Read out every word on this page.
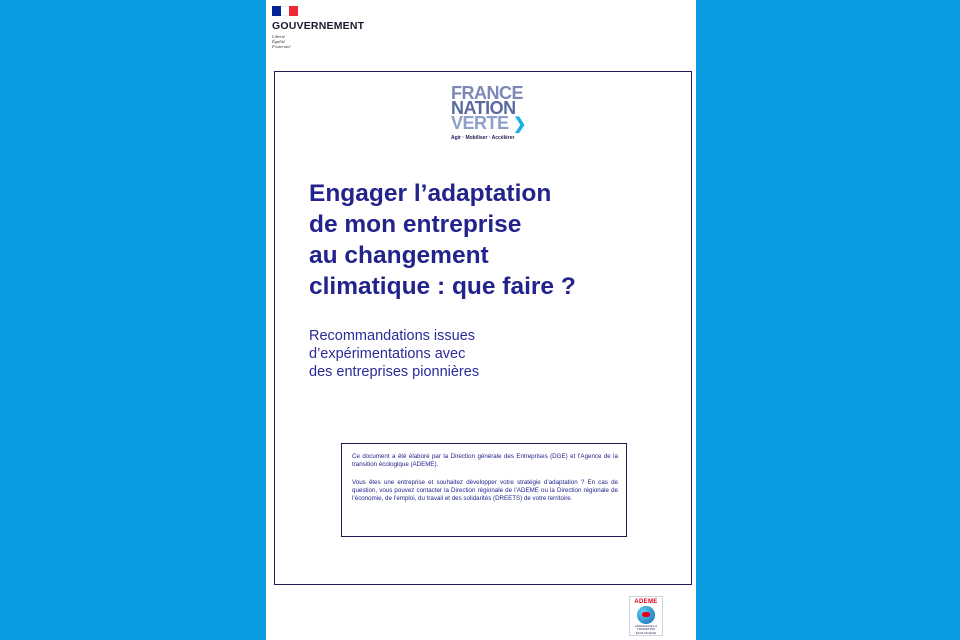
GOUVERNEMENT
Liberté
Égalité
Fraternité
FRANCE
NATION
VERTE ❯
Agir · Mobiliser · Accélérer
Engager l’adaptation
de mon entreprise
au changement
climatique : que faire ?
Recommandations issues
d’expérimentations avec
des entreprises pionnières

Ce document a été élaboré par la Direction générale des Entreprises (DGE) et l’Agence de la transition écologique (ADEME).

Vous êtes une entreprise et souhaitez développer votre stratégie d’adaptation ? En cas de question, vous pouvez contacter la Direction régionale de l’ADEME ou la Direction régionale de l’économie, de l’emploi, du travail et des solidarités (DREETS) de votre territoire.

ADEME
AGENCE DE LA TRANSITION ÉCOLOGIQUE
